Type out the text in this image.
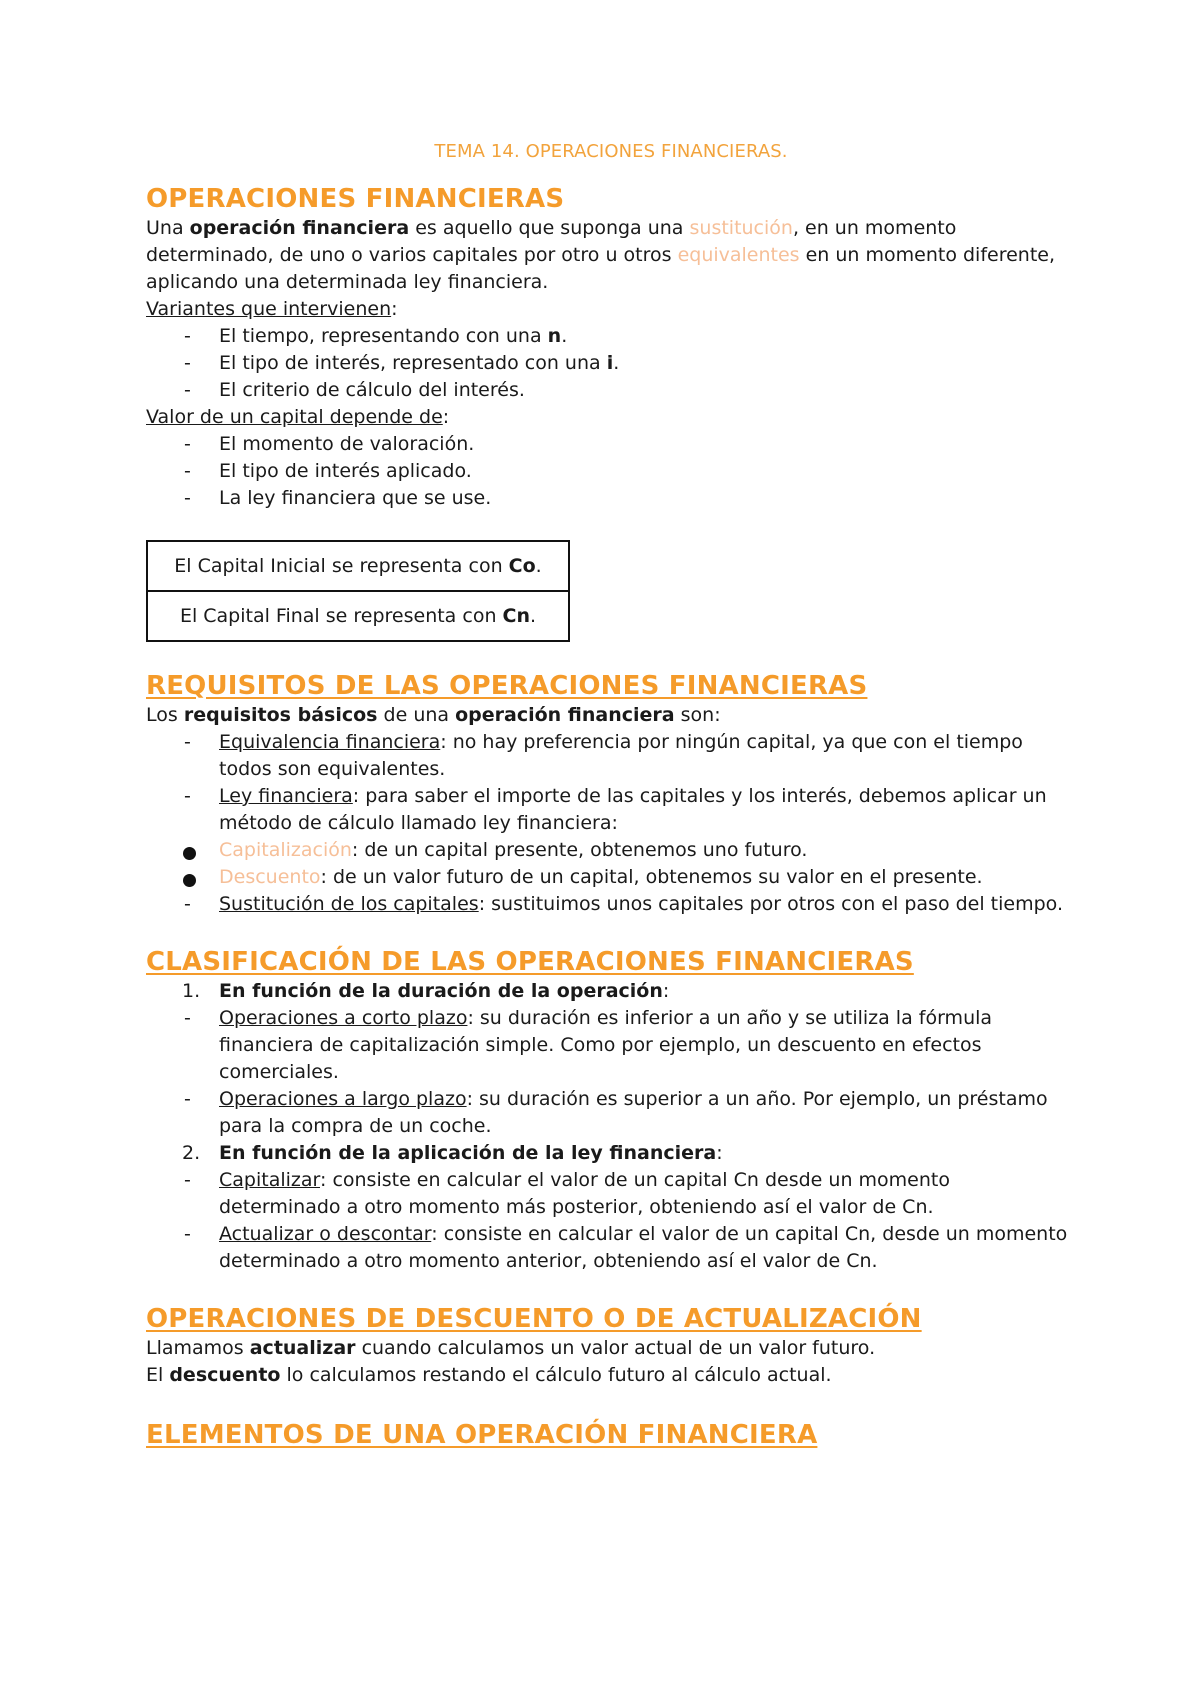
TEMA 14. OPERACIONES FINANCIERAS.
OPERACIONES FINANCIERAS

Una operación financiera es aquello que suponga una sustitución, en un momento determinado, de uno o varios capitales por otro u otros equivalentes en un momento diferente, aplicando una determinada ley financiera.

Variantes que intervienen:

- El tiempo, representando con una n.
- El tipo de interés, representado con una i.
- El criterio de cálculo del interés.

Valor de un capital depende de:

- El momento de valoración.
- El tipo de interés aplicado.
- La ley financiera que se use.
El Capital Inicial se representa con Co.
El Capital Final se representa con Cn.
REQUISITOS DE LAS OPERACIONES FINANCIERAS

Los requisitos básicos de una operación financiera son:

- Equivalencia financiera: no hay preferencia por ningún capital, ya que con el tiempo todos son equivalentes.
- Ley financiera: para saber el importe de las capitales y los interés, debemos aplicar un método de cálculo llamado ley financiera:
Capitalización: de un capital presente, obtenemos uno futuro.
Descuento: de un valor futuro de un capital, obtenemos su valor en el presente.
- Sustitución de los capitales: sustituimos unos capitales por otros con el paso del tiempo.
CLASIFICACIÓN DE LAS OPERACIONES FINANCIERAS
1. En función de la duración de la operación:
- Operaciones a corto plazo: su duración es inferior a un año y se utiliza la fórmula financiera de capitalización simple. Como por ejemplo, un descuento en efectos comerciales.
- Operaciones a largo plazo: su duración es superior a un año. Por ejemplo, un préstamo para la compra de un coche.
2. En función de la aplicación de la ley financiera:
- Capitalizar: consiste en calcular el valor de un capital Cn desde un momento determinado a otro momento más posterior, obteniendo así el valor de Cn.
- Actualizar o descontar: consiste en calcular el valor de un capital Cn, desde un momento determinado a otro momento anterior, obteniendo así el valor de Cn.
OPERACIONES DE DESCUENTO O DE ACTUALIZACIÓN

Llamamos actualizar cuando calculamos un valor actual de un valor futuro.

El descuento lo calculamos restando el cálculo futuro al cálculo actual.

ELEMENTOS DE UNA OPERACIÓN FINANCIERA
